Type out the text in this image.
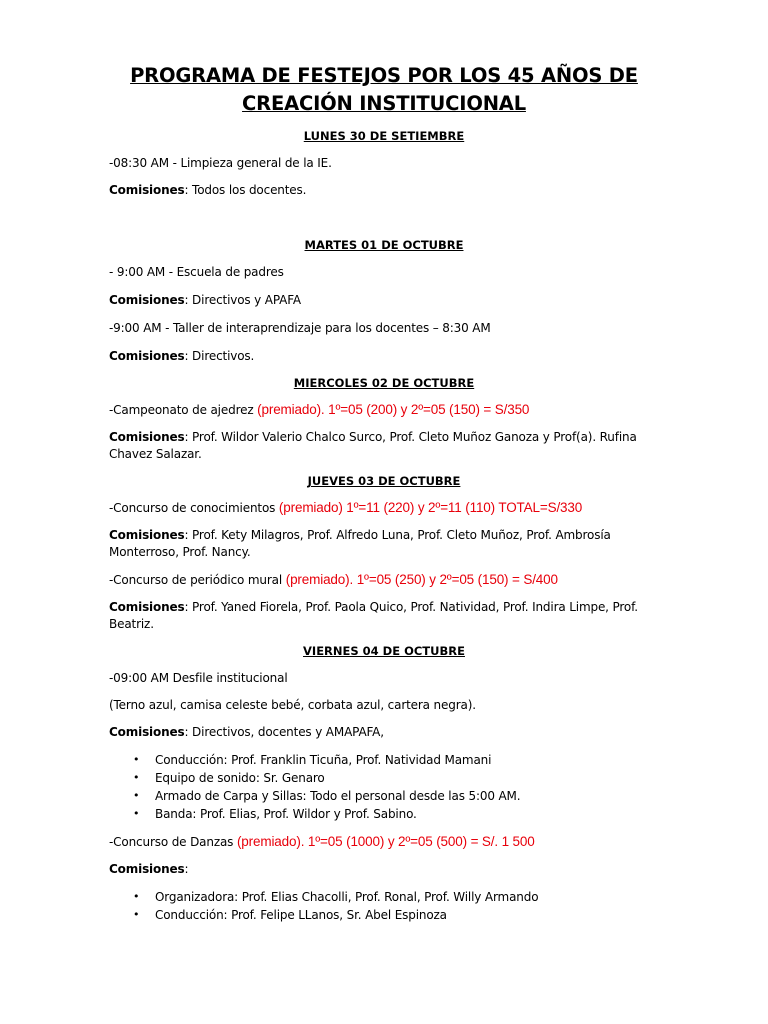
PROGRAMA DE FESTEJOS POR LOS 45 AÑOS DE
CREACIÓN INSTITUCIONAL
LUNES 30 DE SETIEMBRE
-08:30 AM - Limpieza general de la IE.
Comisiones: Todos los docentes.
MARTES 01 DE OCTUBRE
- 9:00 AM - Escuela de padres
Comisiones: Directivos y APAFA
-9:00 AM - Taller de interaprendizaje para los docentes – 8:30 AM
Comisiones: Directivos.
MIERCOLES 02 DE OCTUBRE
-Campeonato de ajedrez (premiado). 1º=05 (200) y 2º=05 (150) = S/350
Comisiones: Prof. Wildor Valerio Chalco Surco, Prof. Cleto Muñoz Ganoza y Prof(a). Rufina
Chavez Salazar.
JUEVES 03 DE OCTUBRE
-Concurso de conocimientos (premiado) 1º=11 (220) y 2º=11 (110) TOTAL=S/330
Comisiones: Prof. Kety Milagros, Prof. Alfredo Luna, Prof. Cleto Muñoz, Prof. Ambrosía
Monterroso, Prof. Nancy.
-Concurso de periódico mural (premiado). 1º=05 (250) y 2º=05 (150) = S/400
Comisiones: Prof. Yaned Fiorela, Prof. Paola Quico, Prof. Natividad, Prof. Indira Limpe, Prof.
Beatriz.
VIERNES 04 DE OCTUBRE
-09:00 AM Desfile institucional
(Terno azul, camisa celeste bebé, corbata azul, cartera negra).
Comisiones: Directivos, docentes y AMAPAFA,
• Conducción: Prof. Franklin Ticuña, Prof. Natividad Mamani
• Equipo de sonido: Sr. Genaro
• Armado de Carpa y Sillas: Todo el personal desde las 5:00 AM.
• Banda: Prof. Elias, Prof. Wildor y Prof. Sabino.
-Concurso de Danzas (premiado). 1º=05 (1000) y 2º=05 (500) = S/. 1 500
Comisiones:
• Organizadora: Prof. Elias Chacolli, Prof. Ronal, Prof. Willy Armando
• Conducción: Prof. Felipe LLanos, Sr. Abel Espinoza
